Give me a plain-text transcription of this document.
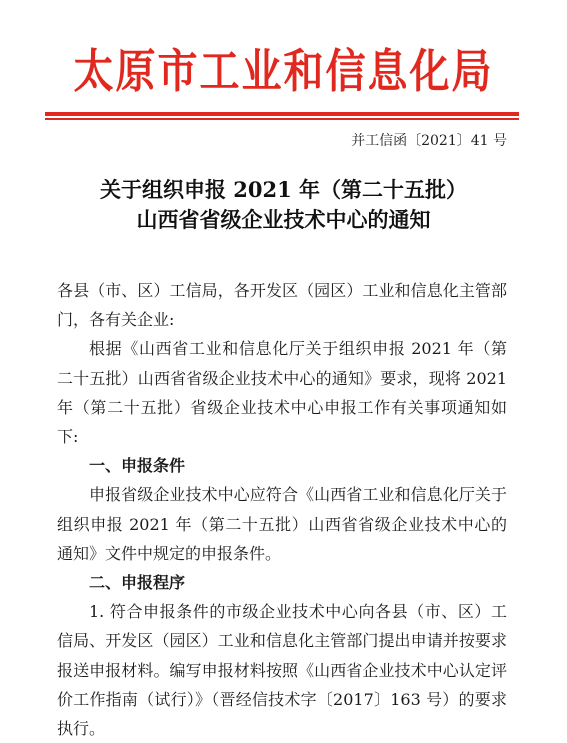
太原市工业和信息化局
并工信函〔2021〕41 号
关于组织申报 2021 年（第二十五批）
山西省省级企业技术中心的通知

各县（市、区）工信局，各开发区（园区）工业和信息化主管部门，各有关企业:

根据《山西省工业和信息化厅关于组织申报 2021 年（第二十五批）山西省省级企业技术中心的通知》要求，现将 2021 年（第二十五批）省级企业技术中心申报工作有关事项通知如下:

一、申报条件

申报省级企业技术中心应符合《山西省工业和信息化厅关于组织申报 2021 年（第二十五批）山西省省级企业技术中心的通知》文件中规定的申报条件。

二、申报程序

1. 符合申报条件的市级企业技术中心向各县（市、区）工信局、开发区（园区）工业和信息化主管部门提出申请并按要求报送申报材料。编写申报材料按照《山西省企业技术中心认定评价工作指南（试行）》（晋经信技术字〔2017〕163 号）的要求执行。
